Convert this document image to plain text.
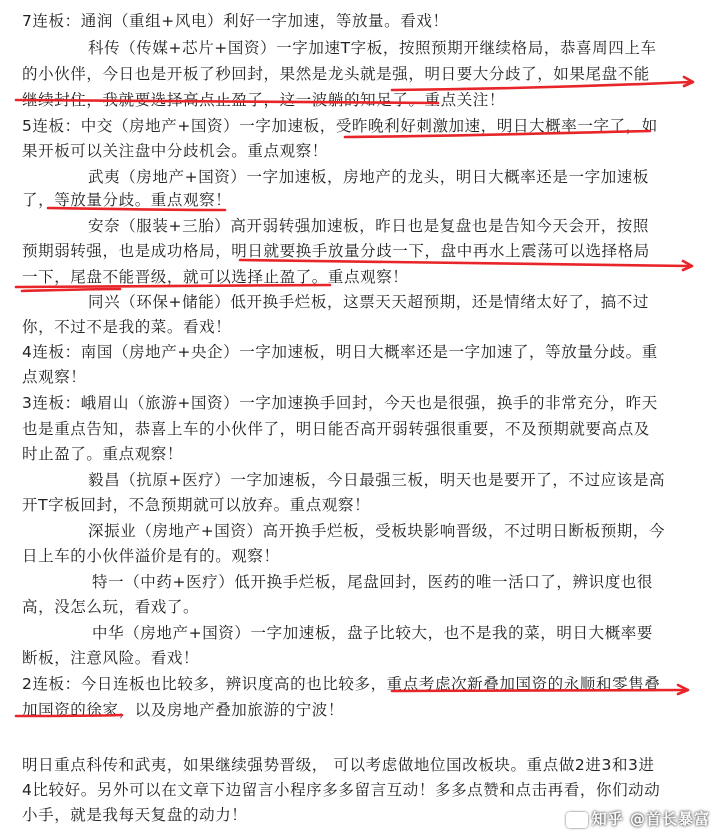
7连板：通润（重组+风电）利好一字加速，等放量。看戏！

科传（传媒+芯片+国资）一字加速T字板，按照预期开继续格局，恭喜周四上车

的小伙伴，今日也是开板了秒回封，果然是龙头就是强，明日要大分歧了，如果尾盘不能

继续封住，我就要选择高点止盈了，这一波躺的知足了。重点关注！

5连板：中交（房地产+国资）一字加速板，受昨晚利好刺激加速，明日大概率一字了，如

果开板可以关注盘中分歧机会。重点观察！

武夷（房地产+国资）一字加速板，房地产的龙头，明日大概率还是一字加速板

了，等放量分歧。重点观察！

安奈（服装+三胎）高开弱转强加速板，昨日也是复盘也是告知今天会开，按照

预期弱转强，也是成功格局，明日就要换手放量分歧一下，盘中再水上震荡可以选择格局

一下，尾盘不能晋级，就可以选择止盈了。重点观察！

同兴（环保+储能）低开换手烂板，这票天天超预期，还是情绪太好了，搞不过

你，不过不是我的菜。看戏！

4连板：南国（房地产+央企）一字加速板，明日大概率还是一字加速了，等放量分歧。重

点观察！

3连板：峨眉山（旅游+国资）一字加速换手回封，今天也是很强，换手的非常充分，昨天

也是重点告知，恭喜上车的小伙伴了，明日能否高开弱转强很重要，不及预期就要高点及

时止盈了。重点观察！

毅昌（抗原+医疗）一字加速板，今日最强三板，明天也是要开了，不过应该是高

开T字板回封，不急预期就可以放弃。重点观察！

深振业（房地产+国资）高开换手烂板，受板块影响晋级，不过明日断板预期，今

日上车的小伙伴溢价是有的。观察！

特一（中药+医疗）低开换手烂板，尾盘回封，医药的唯一活口了，辨识度也很

高，没怎么玩，看戏了。

中华（房地产+国资）一字加速板，盘子比较大，也不是我的菜，明日大概率要

断板，注意风险。看戏！

2连板：今日连板也比较多，辨识度高的也比较多，重点考虑次新叠加国资的永顺和零售叠

加国资的徐家，以及房地产叠加旅游的宁波！

明日重点科传和武夷，如果继续强势晋级， 可以考虑做地位国改板块。重点做2进3和3进

4比较好。另外可以在文章下边留言小程序多多留言互动！多多点赞和点击再看，你们动动

小手，就是我每天复盘的动力！	知乎 @首长暴富
